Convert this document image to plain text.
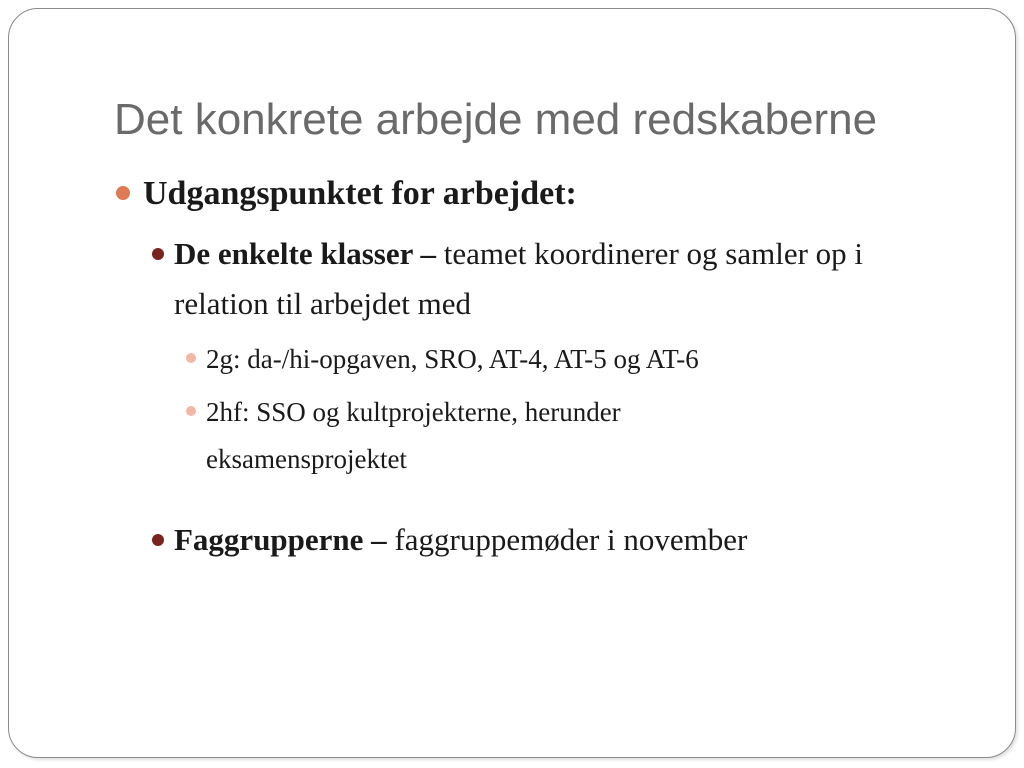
Det konkrete arbejde med redskaberne
Udgangspunktet for arbejdet:
De enkelte klasser – teamet koordinerer og samler op i relation til arbejdet med
2g: da-/hi-opgaven, SRO, AT-4, AT-5 og AT-6
2hf: SSO og kultprojekterne, herunder eksamensprojektet
Faggrupperne – faggruppemøder i november
